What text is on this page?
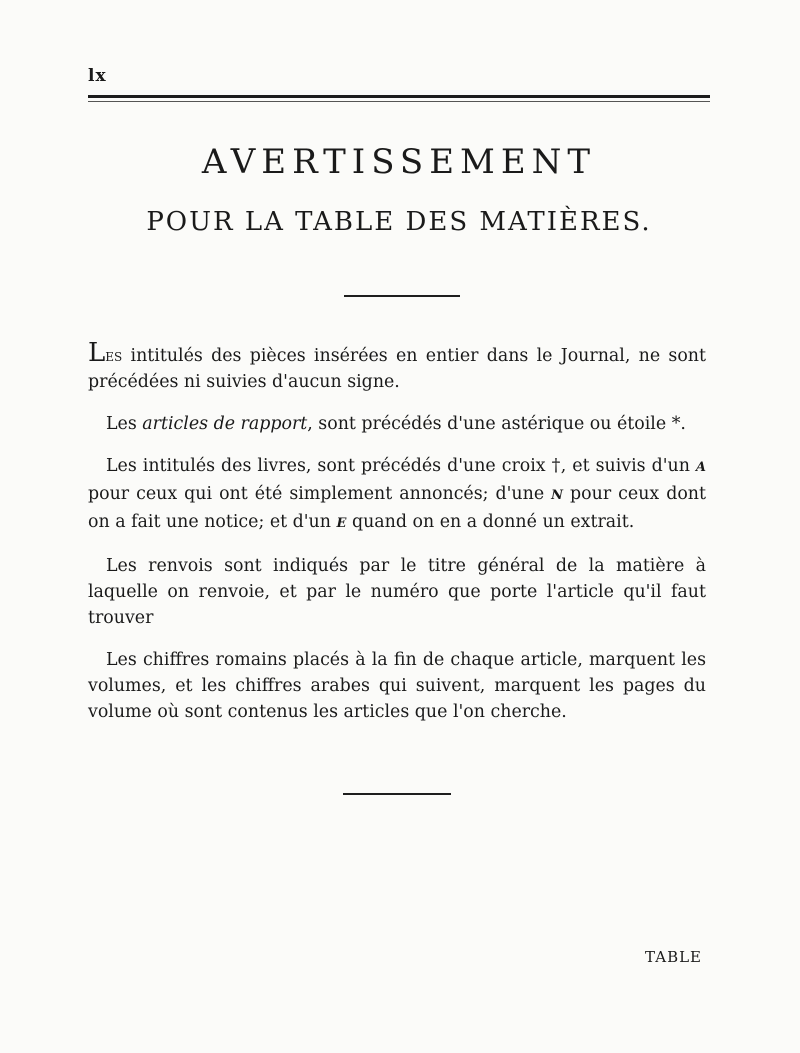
lx
AVERTISSEMENT
POUR LA TABLE DES MATIÈRES.

Les intitulés des pièces insérées en entier dans le Journal, ne sont précédées ni suivies d'aucun signe.

Les articles de rapport, sont précédés d'une astérique ou étoile *.

Les intitulés des livres, sont précédés d'une croix †, et suivis d'un A pour ceux qui ont été simplement annoncés; d'une N pour ceux dont on a fait une notice; et d'un E quand on en a donné un extrait.

Les renvois sont indiqués par le titre général de la matière à laquelle on renvoie, et par le numéro que porte l'article qu'il faut trouver

Les chiffres romains placés à la fin de chaque article, marquent les volumes, et les chiffres arabes qui suivent, marquent les pages du volume où sont contenus les articles que l'on cherche.

TABLE
